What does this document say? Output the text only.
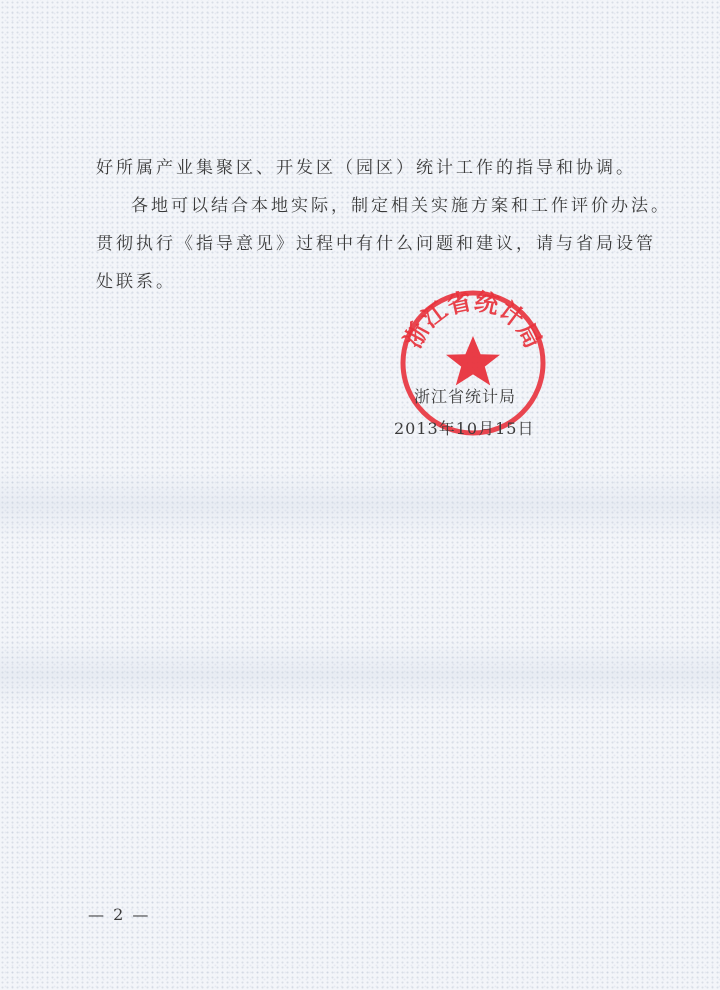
好所属产业集聚区、开发区（园区）统计工作的指导和协调。
各地可以结合本地实际，制定相关实施方案和工作评价办法。
贯彻执行《指导意见》过程中有什么问题和建议，请与省局设管
处联系。
浙江省统计局
浙江省统计局
2013年10月15日
— 2 —
